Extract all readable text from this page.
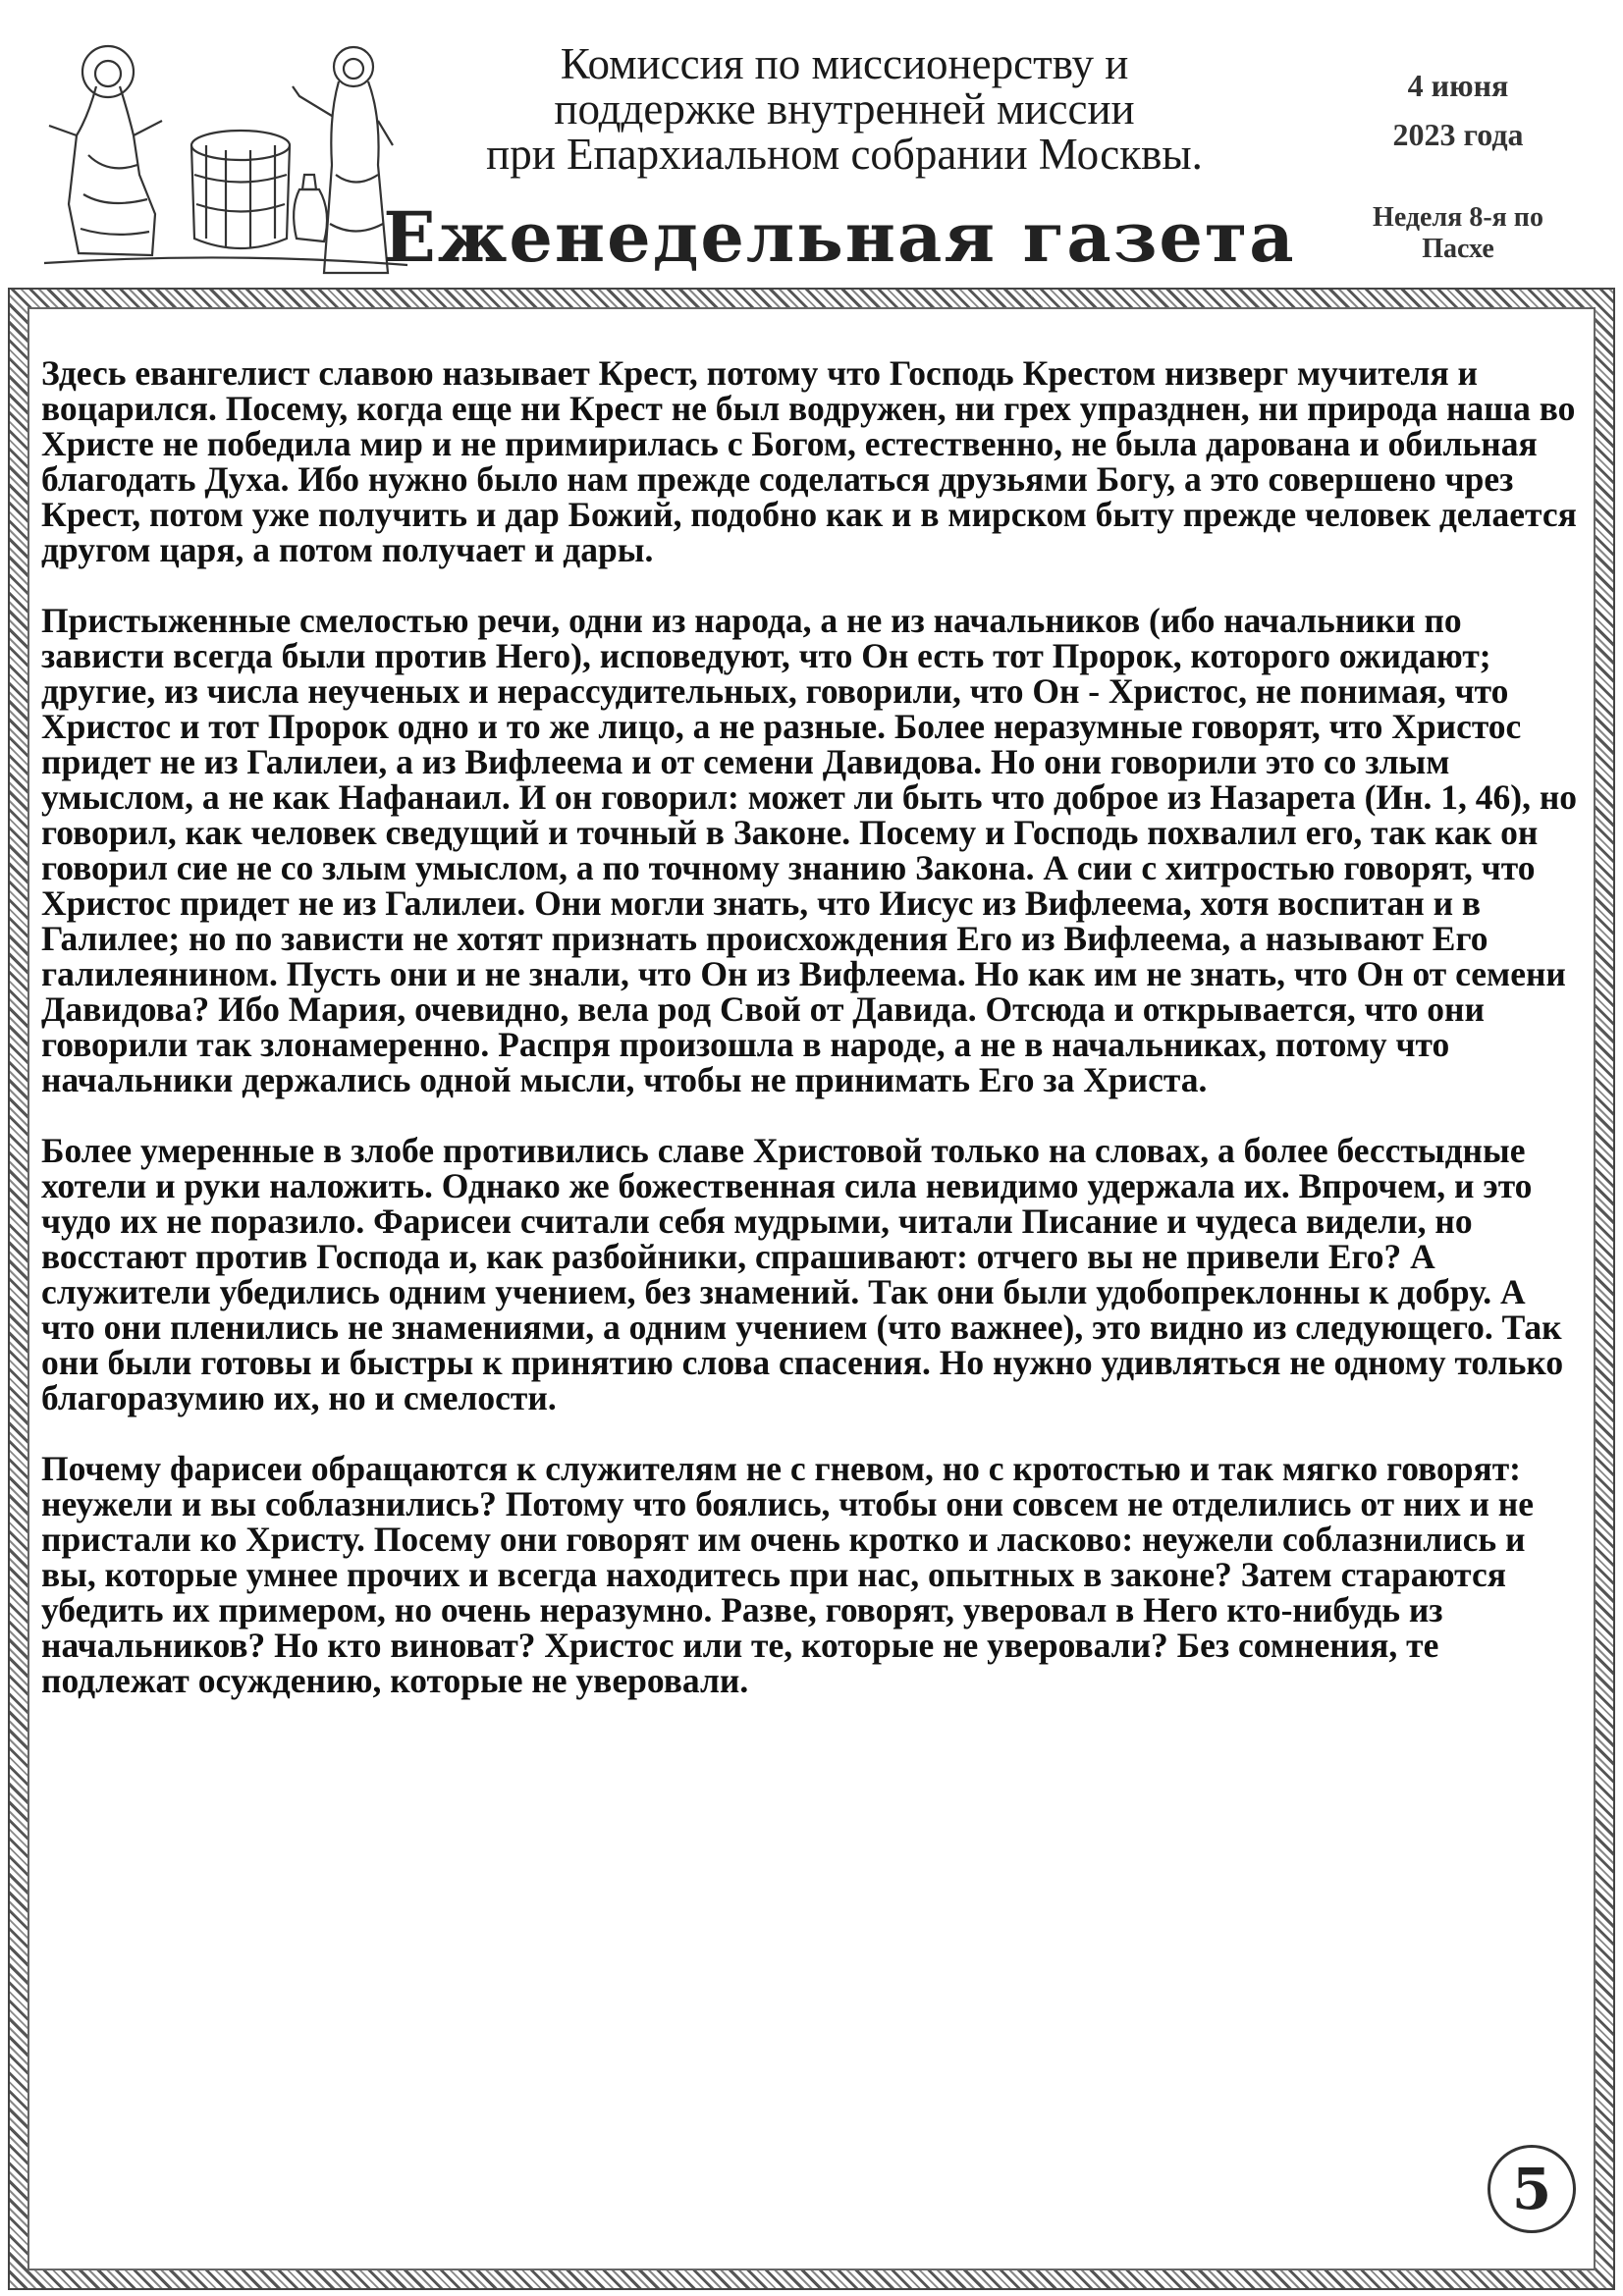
Комиссия по миссионерству и
поддержке внутренней миссии
при Епархиальном собрании Москвы.
Еженедельная газета
4 июня
2023 года
Неделя 8-я по
Пасхе

Здесь евангелист славою называет Крест, потому что Господь Крестом низверг мучителя и воцарился. Посему, когда еще ни Крест не был водружен, ни грех упразднен, ни природа наша во Христе не победила мир и не примирилась с Богом, естественно, не была дарована и обильная благодать Духа. Ибо нужно было нам прежде соделаться друзьями Богу, а это совершено чрез Крест, потом уже получить и дар Божий, подобно как и в мирском быту прежде человек делается другом царя, а потом получает и дары.

Пристыженные смелостью речи, одни из народа, а не из начальников (ибо начальники по зависти всегда были против Него), исповедуют, что Он есть тот Пророк, которого ожидают; другие, из числа неученых и нерассудительных, говорили, что Он - Христос, не понимая, что Христос и тот Пророк одно и то же лицо, а не разные. Более неразумные говорят, что Христос придет не из Галилеи, а из Вифлеема и от семени Давидова. Но они говорили это со злым умыслом, а не как Нафанаил. И он говорил: может ли быть что доброе из Назарета (Ин. 1, 46), но говорил, как человек сведущий и точный в Законе. Посему и Господь похвалил его, так как он говорил сие не со злым умыслом, а по точному знанию Закона. А сии с хитростью говорят, что Христос придет не из Галилеи. Они могли знать, что Иисус из Вифлеема, хотя воспитан и в Галилее; но по зависти не хотят признать происхождения Его из Вифлеема, а называют Его галилеянином. Пусть они и не знали, что Он из Вифлеема. Но как им не знать, что Он от семени Давидова? Ибо Мария, очевидно, вела род Свой от Давида. Отсюда и открывается, что они говорили так злонамеренно. Распря произошла в народе, а не в начальниках, потому что начальники держались одной мысли, чтобы не принимать Его за Христа.

Более умеренные в злобе противились славе Христовой только на словах, а более бесстыдные хотели и руки наложить. Однако же божественная сила невидимо удержала их. Впрочем, и это чудо их не поразило. Фарисеи считали себя мудрыми, читали Писание и чудеса видели, но восстают против Господа и, как разбойники, спрашивают: отчего вы не привели Его? А служители убедились одним учением, без знамений. Так они были удобопреклонны к добру. А что они пленились не знамениями, а одним учением (что важнее), это видно из следующего. Так они были готовы и быстры к принятию слова спасения. Но нужно удивляться не одному только благоразумию их, но и смелости.

Почему фарисеи обращаются к служителям не с гневом, но с кротостью и так мягко говорят: неужели и вы соблазнились? Потому что боялись, чтобы они совсем не отделились от них и не пристали ко Христу. Посему они говорят им очень кротко и ласково: неужели соблазнились и вы, которые умнее прочих и всегда находитесь при нас, опытных в законе? Затем стараются убедить их примером, но очень неразумно. Разве, говорят, уверовал в Него кто-нибудь из начальников? Но кто виноват? Христос или те, которые не уверовали? Без сомнения, те подлежат осуждению, которые не уверовали.

5
